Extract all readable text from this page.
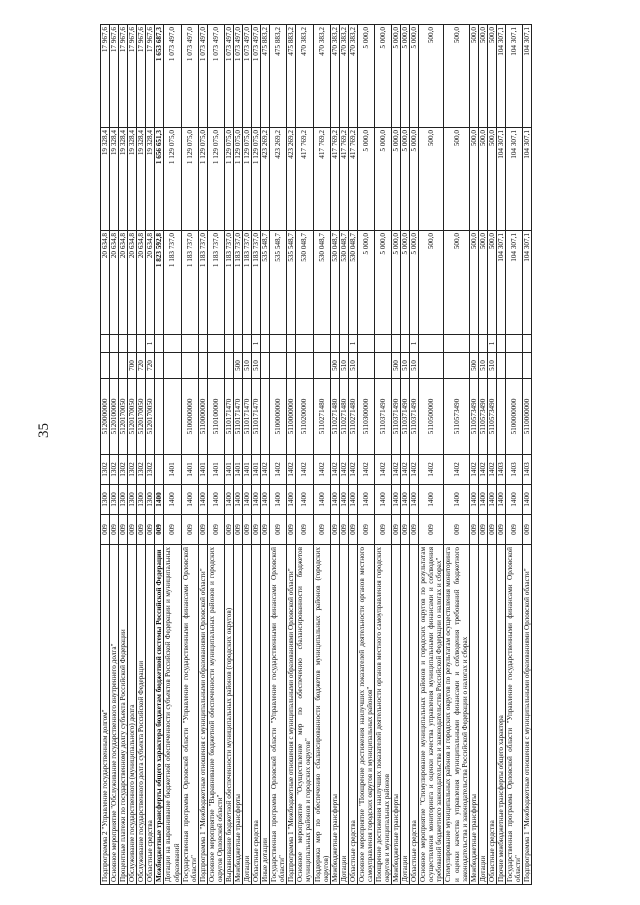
35
Подпрограмма 2 "Управление государственным долгом"	009	1300	1302	5120000000			20 634,8	19 328,4	17 967,6
Основное мероприятие "Обслуживание государственного внутреннего долга"	009	1300	1302	5120100000			20 634,8	19 328,4	17 967,6
Процентные платежи по государственному долгу субъекта Российской Федерации	009	1300	1302	5120170050			20 634,8	19 328,4	17 967,6
Обслуживание государственного (муниципального) долга	009	1300	1302	5120170050	700		20 634,8	19 328,4	17 967,6
Обслуживание государственного долга субъекта Российской Федерации	009	1300	1302	5120170050	720		20 634,8	19 328,4	17 967,6
Областные средства	009	1300	1302	5120170050	720	1	20 634,8	19 328,4	17 967,6
Межбюджетные трансферты общего характера бюджетам бюджетной системы Российской Федерации	009	1400					1 823 592,8	1 656 651,3	1 653 687,3
Дотации на выравнивание бюджетной обеспеченности субъектов Российской Федерации и муниципальных образований	009	1400	1401				1 183 737,0	1 129 075,0	1 073 497,0
Государственная программа Орловской области "Управление государственными финансами Орловской области"	009	1400	1401	5100000000			1 183 737,0	1 129 075,0	1 073 497,0
Подпрограмма 1 "Межбюджетные отношения с муниципальными образованиями Орловской области"	009	1400	1401	5110000000			1 183 737,0	1 129 075,0	1 073 497,0
Основное мероприятие "Выравнивание бюджетной обеспеченности муниципальных районов и городских округов Орловской области"	009	1400	1401	5110100000			1 183 737,0	1 129 075,0	1 073 497,0
Выравнивание бюджетной обеспеченности муниципальных районов (городских округов)	009	1400	1401	5110171470			1 183 737,0	1 129 075,0	1 073 497,0
Межбюджетные трансферты	009	1400	1401	5110171470	500		1 183 737,0	1 129 075,0	1 073 497,0
Дотации	009	1400	1401	5110171470	510		1 183 737,0	1 129 075,0	1 073 497,0
Областные средства	009	1400	1401	5110171470	510	1	1 183 737,0	1 129 075,0	1 073 497,0
Иные дотации	009	1400	1402				535 548,7	423 269,2	475 883,2
Государственная программа Орловской области "Управление государственными финансами Орловской области"	009	1400	1402	5100000000			535 548,7	423 269,2	475 883,2
Подпрограмма 1 "Межбюджетные отношения с муниципальными образованиями Орловской области"	009	1400	1402	5110000000			535 548,7	423 269,2	475 883,2
Основное мероприятие "Осуществление мер по обеспечению сбалансированности бюджетов муниципальных районов и городских округов"	009	1400	1402	5110200000			530 048,7	417 769,2	470 383,2
Поддержка мер по обеспечению сбалансированности бюджетов муниципальных районов (городских округов)	009	1400	1402	5110271480			530 048,7	417 769,2	470 383,2
Межбюджетные трансферты	009	1400	1402	5110271480	500		530 048,7	417 769,2	470 383,2
Дотации	009	1400	1402	5110271480	510		530 048,7	417 769,2	470 383,2
Областные средства	009	1400	1402	5110271480	510	1	530 048,7	417 769,2	470 383,2
Основное мероприятие "Поощрение достижения наилучших показателей деятельности органов местного самоуправления городских округов и муниципальных районов"	009	1400	1402	5110300000			5 000,0	5 000,0	5 000,0
Поощрение достижения наилучших показателей деятельности органов местного самоуправления городских округов и муниципальных районов	009	1400	1402	5110371490			5 000,0	5 000,0	5 000,0
Межбюджетные трансферты	009	1400	1402	5110371490	500		5 000,0	5 000,0	5 000,0
Дотации	009	1400	1402	5110371490	510		5 000,0	5 000,0	5 000,0
Областные средства	009	1400	1402	5110371490	510	1	5 000,0	5 000,0	5 000,0
Основное мероприятие "Стимулирование муниципальных районов и городских округов по результатам осуществления мониторинга и оценки качества управления муниципальными финансами и соблюдения требований бюджетного законодательства и законодательства Российской Федерации о налогах и сборах"	009	1400	1402	5110500000			500,0	500,0	500,0
Стимулирование муниципальных районов и городских округов по результатам осуществления мониторинга и оценки качества управления муниципальными финансами и соблюдения требований бюджетного законодательства и законодательства Российской Федерации о налогах и сборах	009	1400	1402	5110573490			500,0	500,0	500,0
Межбюджетные трансферты	009	1400	1402	5110573490	500		500,0	500,0	500,0
Дотации	009	1400	1402	5110573490	510		500,0	500,0	500,0
Областные средства	009	1400	1402	5110573490	510	1	500,0	500,0	500,0
Прочие межбюджетные трансферты общего характера	009	1400	1403				104 307,1	104 307,1	104 307,1
Государственная программа Орловской области "Управление государственными финансами Орловской области"	009	1400	1403	5100000000			104 307,1	104 307,1	104 307,1
Подпрограмма 1 "Межбюджетные отношения с муниципальными образованиями Орловской области"	009	1400	1403	5110000000			104 307,1	104 307,1	104 307,1
